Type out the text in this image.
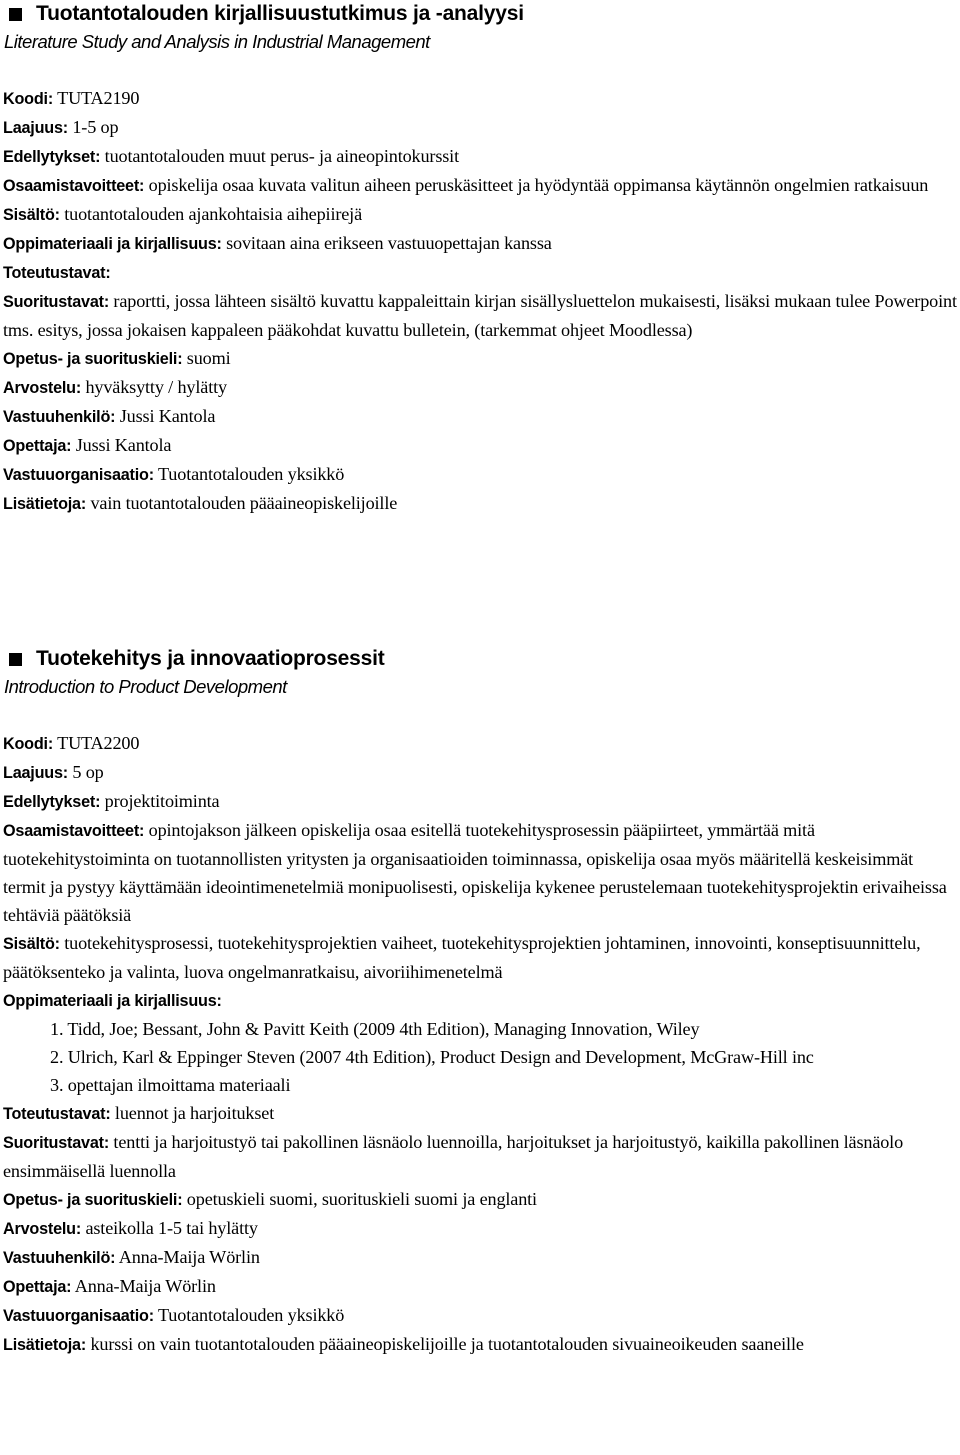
Tuotantotalouden kirjallisuustutkimus ja -analyysi
Literature Study and Analysis in Industrial Management

Koodi: TUTA2190

Laajuus: 1-5 op

Edellytykset: tuotantotalouden muut perus- ja aineopintokurssit

Osaamistavoitteet: opiskelija osaa kuvata valitun aiheen peruskäsitteet ja hyödyntää oppimansa käytännön ongelmien ratkaisuun

Sisältö: tuotantotalouden ajankohtaisia aihepiirejä

Oppimateriaali ja kirjallisuus: sovitaan aina erikseen vastuuopettajan kanssa

Toteutustavat:

Suoritustavat: raportti, jossa lähteen sisältö kuvattu kappaleittain kirjan sisällysluettelon mukaisesti, lisäksi mukaan tulee Powerpoint tms. esitys, jossa jokaisen kappaleen pääkohdat kuvattu bulletein, (tarkemmat ohjeet Moodlessa)

Opetus- ja suorituskieli: suomi

Arvostelu: hyväksytty / hylätty

Vastuuhenkilö: Jussi Kantola

Opettaja: Jussi Kantola

Vastuuorganisaatio: Tuotantotalouden yksikkö

Lisätietoja: vain tuotantotalouden pääaineopiskelijoille

Tuotekehitys ja innovaatioprosessit
Introduction to Product Development

Koodi: TUTA2200

Laajuus: 5 op

Edellytykset: projektitoiminta

Osaamistavoitteet: opintojakson jälkeen opiskelija osaa esitellä tuotekehitysprosessin pääpiirteet, ymmärtää mitä tuotekehitystoiminta on tuotannollisten yritysten ja organisaatioiden toiminnassa, opiskelija osaa myös määritellä keskeisimmät termit ja pystyy käyttämään ideointimenetelmiä monipuolisesti, opiskelija kykenee perustelemaan tuotekehitysprojektin erivaiheissa tehtäviä päätöksiä

Sisältö: tuotekehitysprosessi, tuotekehitysprojektien vaiheet, tuotekehitysprojektien johtaminen, innovointi, konseptisuunnittelu, päätöksenteko ja valinta, luova ongelmanratkaisu, aivoriihimenetelmä

Oppimateriaali ja kirjallisuus:

1. Tidd, Joe; Bessant, John & Pavitt Keith (2009 4th Edition), Managing Innovation, Wiley
2. Ulrich, Karl & Eppinger Steven (2007 4th Edition), Product Design and Development, McGraw-Hill inc
3. opettajan ilmoittama materiaali

Toteutustavat: luennot ja harjoitukset

Suoritustavat: tentti ja harjoitustyö tai pakollinen läsnäolo luennoilla, harjoitukset ja harjoitustyö, kaikilla pakollinen läsnäolo ensimmäisellä luennolla

Opetus- ja suorituskieli: opetuskieli suomi, suorituskieli suomi ja englanti

Arvostelu: asteikolla 1-5 tai hylätty

Vastuuhenkilö: Anna-Maija Wörlin

Opettaja: Anna-Maija Wörlin

Vastuuorganisaatio: Tuotantotalouden yksikkö

Lisätietoja: kurssi on vain tuotantotalouden pääaineopiskelijoille ja tuotantotalouden sivuaineoikeuden saaneille
